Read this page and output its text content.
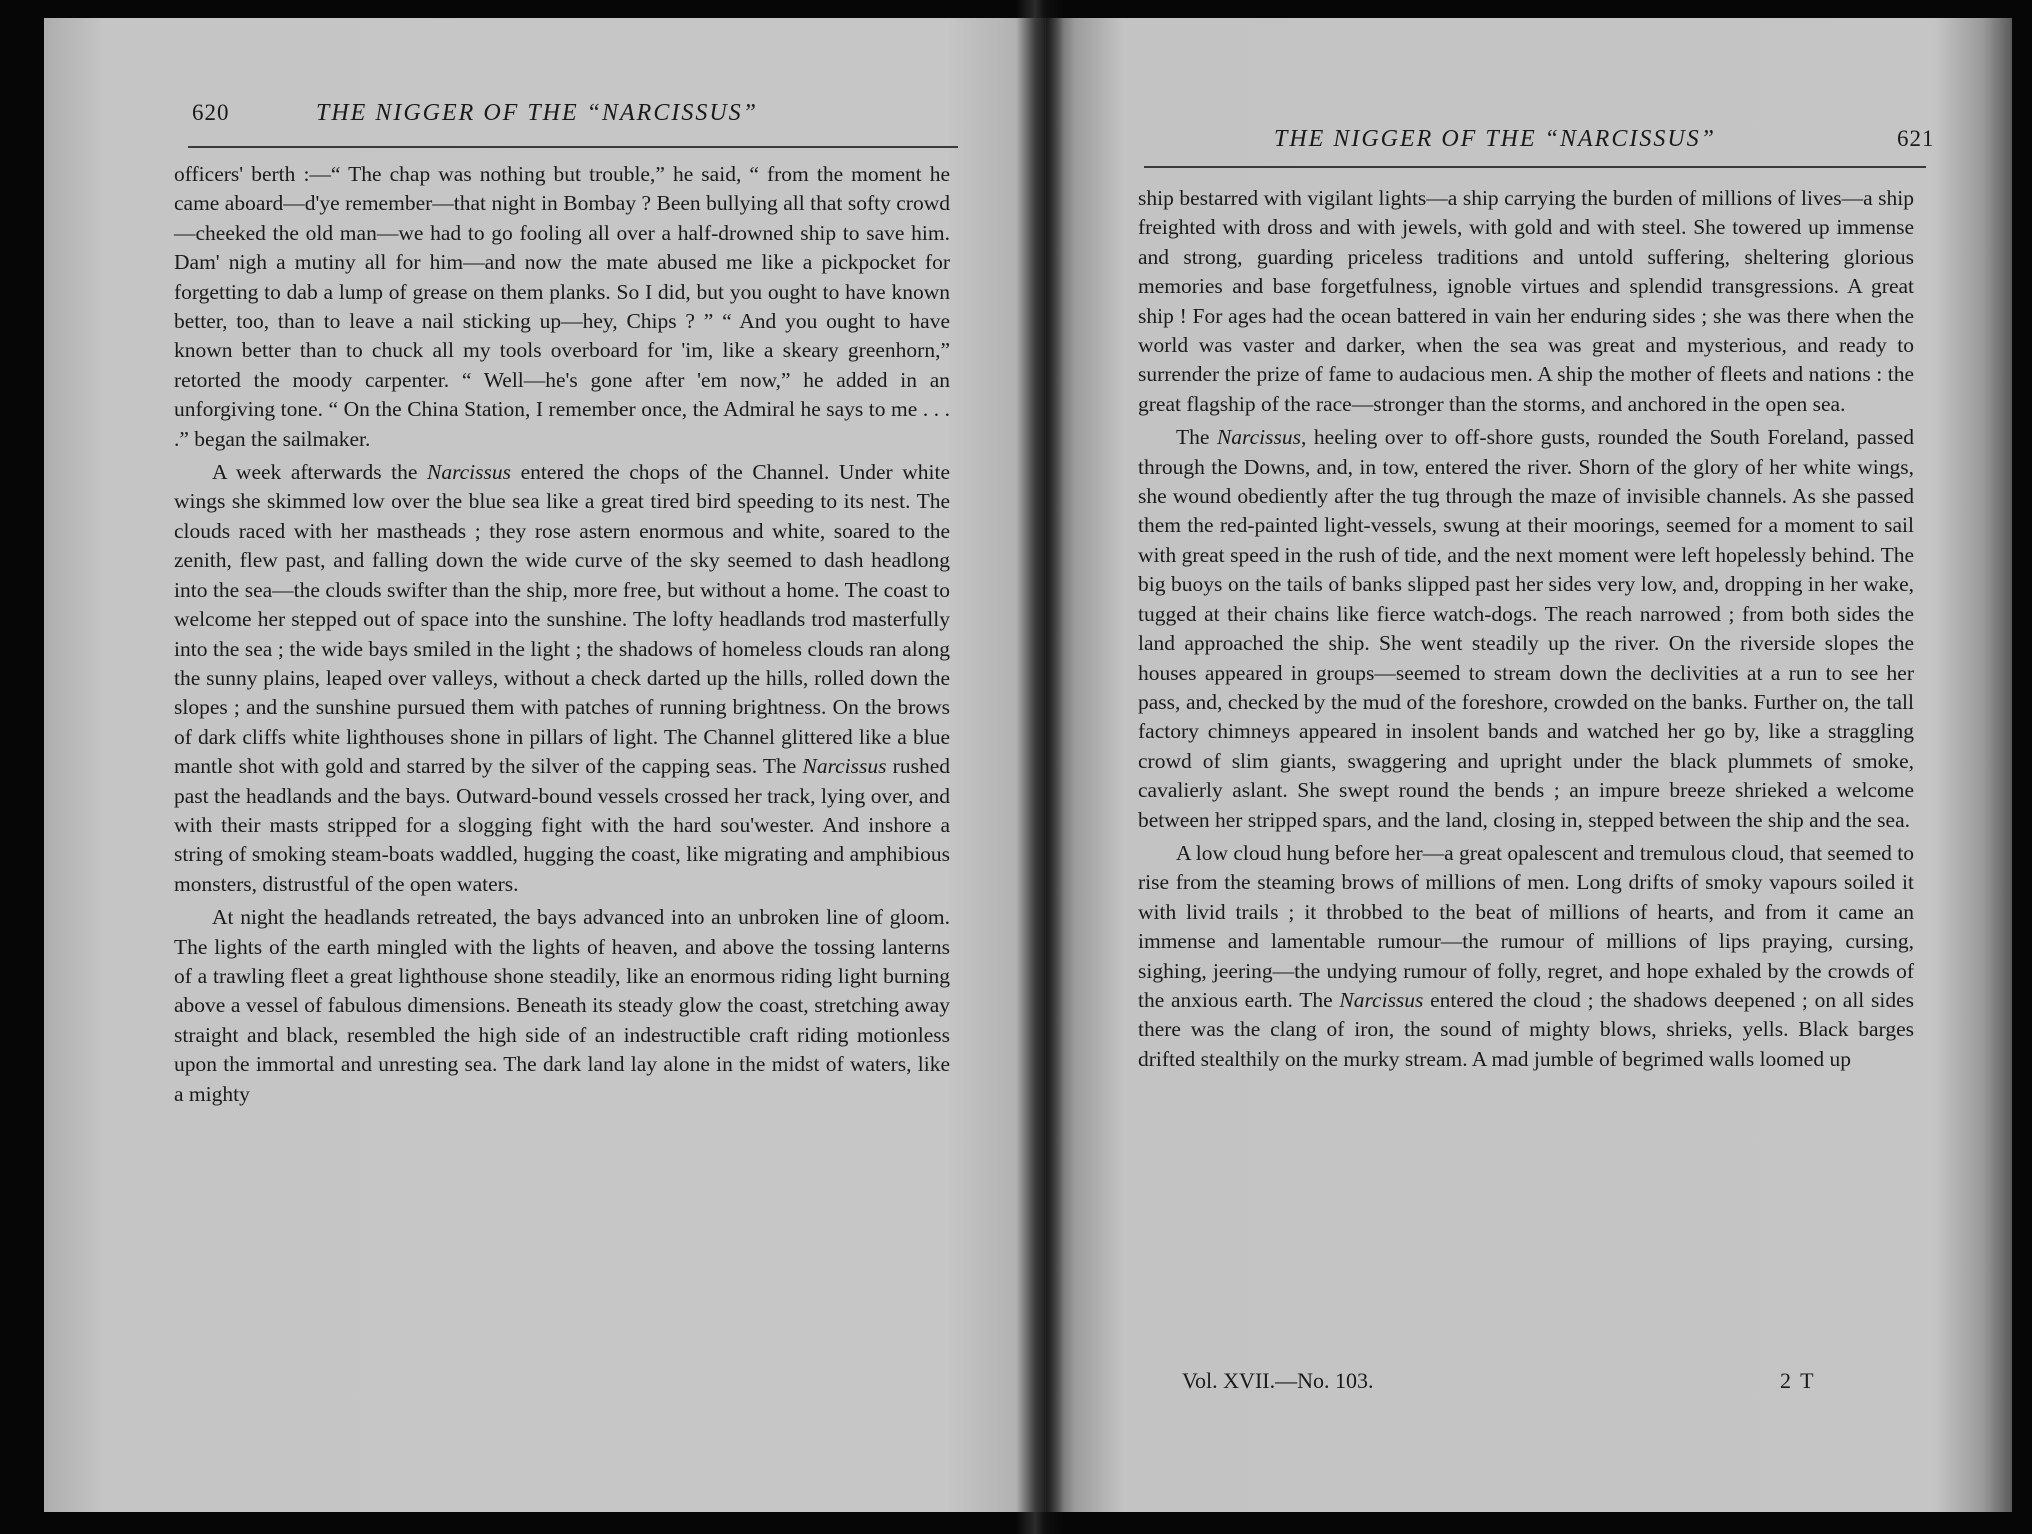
620	THE NIGGER OF THE “NARCISSUS”

officers' berth :—“ The chap was nothing but trouble,” he said, “ from the moment he came aboard—d'ye remember—that night in Bombay ? Been bullying all that softy crowd—cheeked the old man—we had to go fooling all over a half-drowned ship to save him. Dam' nigh a mutiny all for him—and now the mate abused me like a pickpocket for forgetting to dab a lump of grease on them planks. So I did, but you ought to have known better, too, than to leave a nail sticking up—hey, Chips ? ” “ And you ought to have known better than to chuck all my tools overboard for 'im, like a skeary greenhorn,” retorted the moody carpenter. “ Well—he's gone after 'em now,” he added in an unforgiving tone. “ On the China Station, I remember once, the Admiral he says to me . . . .” began the sailmaker.

A week afterwards the Narcissus entered the chops of the Channel. Under white wings she skimmed low over the blue sea like a great tired bird speeding to its nest. The clouds raced with her mastheads ; they rose astern enormous and white, soared to the zenith, flew past, and falling down the wide curve of the sky seemed to dash headlong into the sea—the clouds swifter than the ship, more free, but without a home. The coast to welcome her stepped out of space into the sunshine. The lofty headlands trod masterfully into the sea ; the wide bays smiled in the light ; the shadows of homeless clouds ran along the sunny plains, leaped over valleys, without a check darted up the hills, rolled down the slopes ; and the sunshine pursued them with patches of running brightness. On the brows of dark cliffs white lighthouses shone in pillars of light. The Channel glittered like a blue mantle shot with gold and starred by the silver of the capping seas. The Narcissus rushed past the headlands and the bays. Outward-bound vessels crossed her track, lying over, and with their masts stripped for a slogging fight with the hard sou'wester. And inshore a string of smoking steam-boats waddled, hugging the coast, like migrating and amphibious monsters, distrustful of the open waters.

At night the headlands retreated, the bays advanced into an unbroken line of gloom. The lights of the earth mingled with the lights of heaven, and above the tossing lanterns of a trawling fleet a great lighthouse shone steadily, like an enormous riding light burning above a vessel of fabulous dimensions. Beneath its steady glow the coast, stretching away straight and black, resembled the high side of an indestructible craft riding motionless upon the immortal and unresting sea. The dark land lay alone in the midst of waters, like a mighty

THE NIGGER OF THE “NARCISSUS”	621

ship bestarred with vigilant lights—a ship carrying the burden of millions of lives—a ship freighted with dross and with jewels, with gold and with steel. She towered up immense and strong, guarding priceless traditions and untold suffering, sheltering glorious memories and base forgetfulness, ignoble virtues and splendid transgressions. A great ship ! For ages had the ocean battered in vain her enduring sides ; she was there when the world was vaster and darker, when the sea was great and mysterious, and ready to surrender the prize of fame to audacious men. A ship the mother of fleets and nations : the great flagship of the race—stronger than the storms, and anchored in the open sea.

The Narcissus, heeling over to off-shore gusts, rounded the South Foreland, passed through the Downs, and, in tow, entered the river. Shorn of the glory of her white wings, she wound obediently after the tug through the maze of invisible channels. As she passed them the red-painted light-vessels, swung at their moorings, seemed for a moment to sail with great speed in the rush of tide, and the next moment were left hopelessly behind. The big buoys on the tails of banks slipped past her sides very low, and, dropping in her wake, tugged at their chains like fierce watch-dogs. The reach narrowed ; from both sides the land approached the ship. She went steadily up the river. On the riverside slopes the houses appeared in groups—seemed to stream down the declivities at a run to see her pass, and, checked by the mud of the foreshore, crowded on the banks. Further on, the tall factory chimneys appeared in insolent bands and watched her go by, like a straggling crowd of slim giants, swaggering and upright under the black plummets of smoke, cavalierly aslant. She swept round the bends ; an impure breeze shrieked a welcome between her stripped spars, and the land, closing in, stepped between the ship and the sea.

A low cloud hung before her—a great opalescent and tremulous cloud, that seemed to rise from the steaming brows of millions of men. Long drifts of smoky vapours soiled it with livid trails ; it throbbed to the beat of millions of hearts, and from it came an immense and lamentable rumour—the rumour of millions of lips praying, cursing, sighing, jeering—the undying rumour of folly, regret, and hope exhaled by the crowds of the anxious earth. The Narcissus entered the cloud ; the shadows deepened ; on all sides there was the clang of iron, the sound of mighty blows, shrieks, yells. Black barges drifted stealthily on the murky stream. A mad jumble of begrimed walls loomed up

Vol. XVII.—No. 103.	2 T
